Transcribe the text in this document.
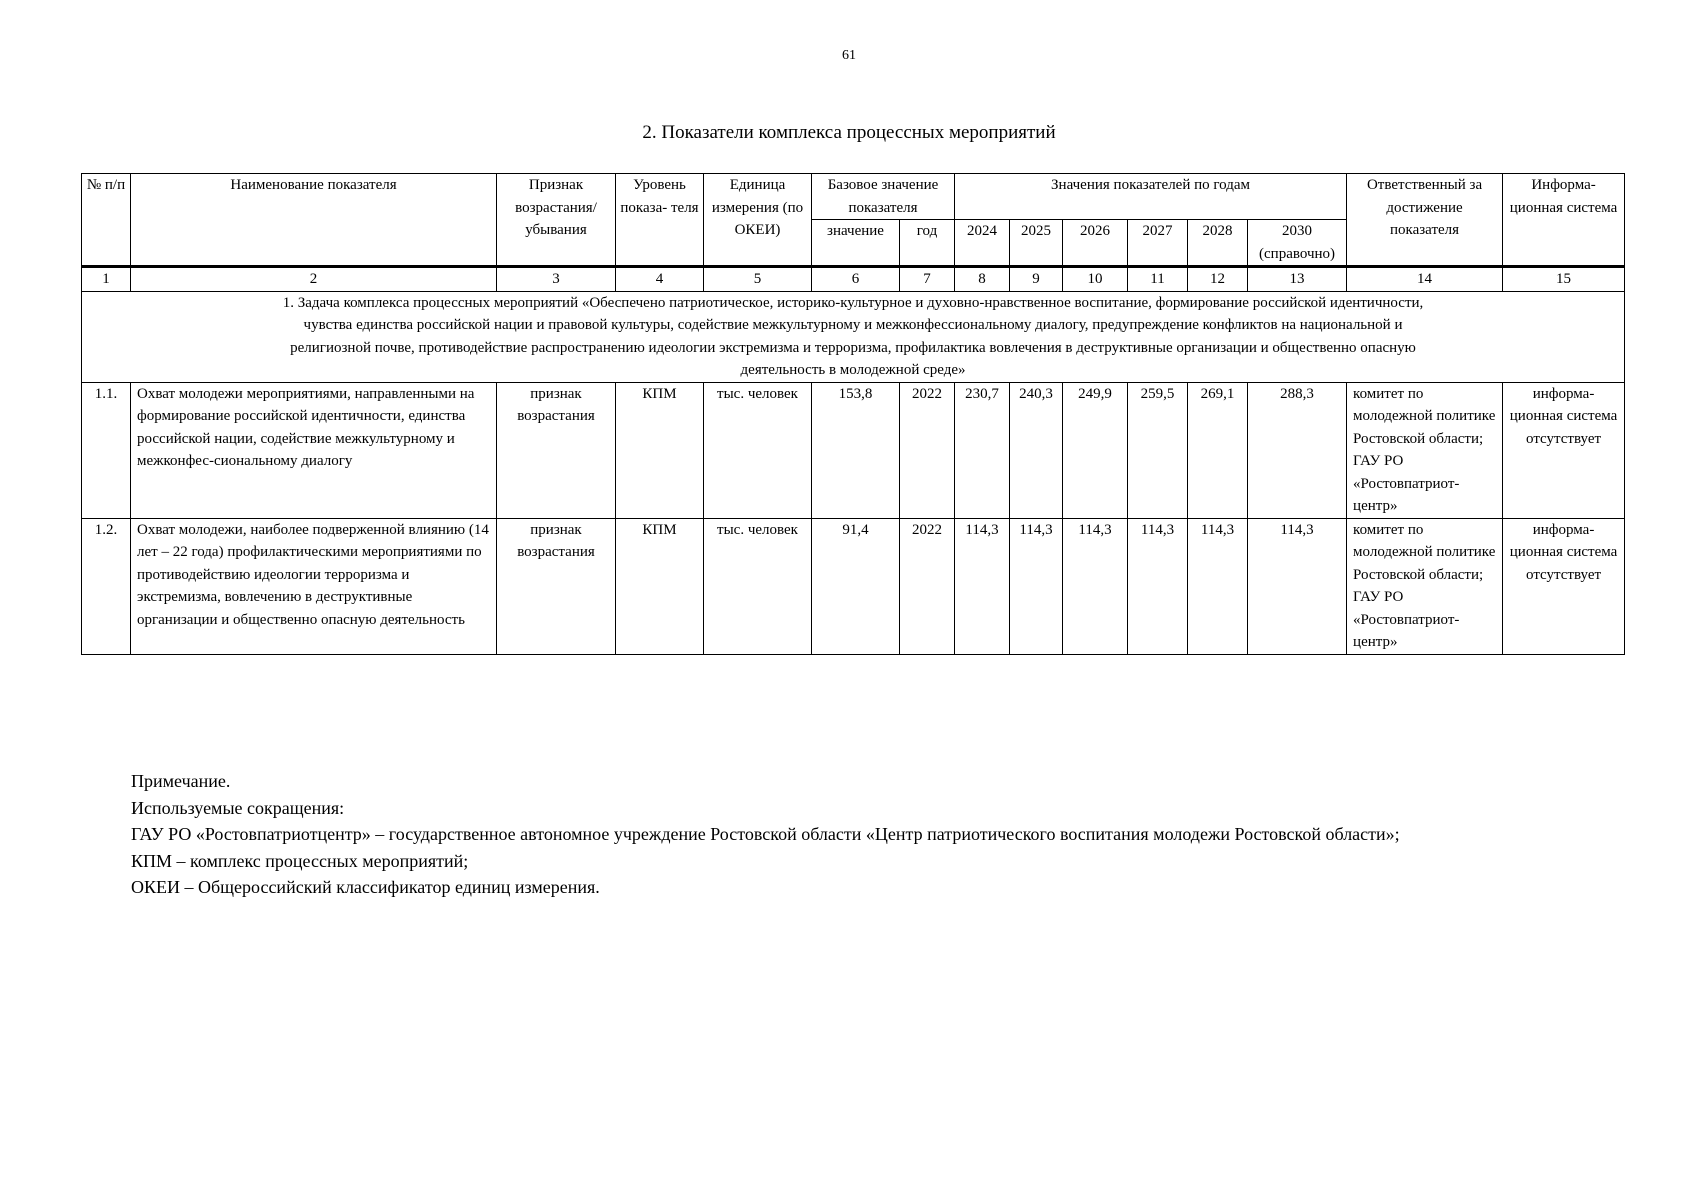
61
2. Показатели комплекса процессных мероприятий
№ п/п	Наименование показателя	Признак возрастания/ убывания	Уровень показа- теля	Единица измерения (по ОКЕИ)	Базовое значение показателя		Значения показателей по годам						Ответственный за достижение показателя	Информа- ционная система
					значение	год	2024	2025	2026	2027	2028	2030 (справочно)		
1	2	3	4	5	6	7	8	9	10	11	12	13	14	15
1. Задача комплекса процессных мероприятий «Обеспечено патриотическое, историко-культурное и духовно-нравственное воспитание, формирование российской идентичности, чувства единства российской нации и правовой культуры, содействие межкультурному и межконфессиональному диалогу, предупреждение конфликтов на национальной и религиозной почве, противодействие распространению идеологии экстремизма и терроризма, профилактика вовлечения в деструктивные организации и общественно опасную деятельность в молодежной среде»														
1.1.	Охват молодежи мероприятиями, направленными на формирование российской идентичности, единства российской нации, содействие межкультурному и межконфес-сиональному диалогу	признак возрастания	КПМ	тыс. человек	153,8	2022	230,7	240,3	249,9	259,5	269,1	288,3	комитет по молодежной политике Ростовской области; ГАУ РО «Ростовпатриот-центр»	информа-ционная система отсутствует
1.2.	Охват молодежи, наиболее подверженной влиянию (14 лет – 22 года) профилактическими мероприятиями по противодействию идеологии терроризма и экстремизма, вовлечению в деструктивные организации и общественно опасную деятельность	признак возрастания	КПМ	тыс. человек	91,4	2022	114,3	114,3	114,3	114,3	114,3	114,3	комитет по молодежной политике Ростовской области; ГАУ РО «Ростовпатриот-центр»	информа-ционная система отсутствует
Примечание.
Используемые сокращения:
ГАУ РО «Ростовпатриотцентр» – государственное автономное учреждение Ростовской области «Центр патриотического воспитания молодежи Ростовской области»;
КПМ – комплекс процессных мероприятий;
ОКЕИ – Общероссийский классификатор единиц измерения.
